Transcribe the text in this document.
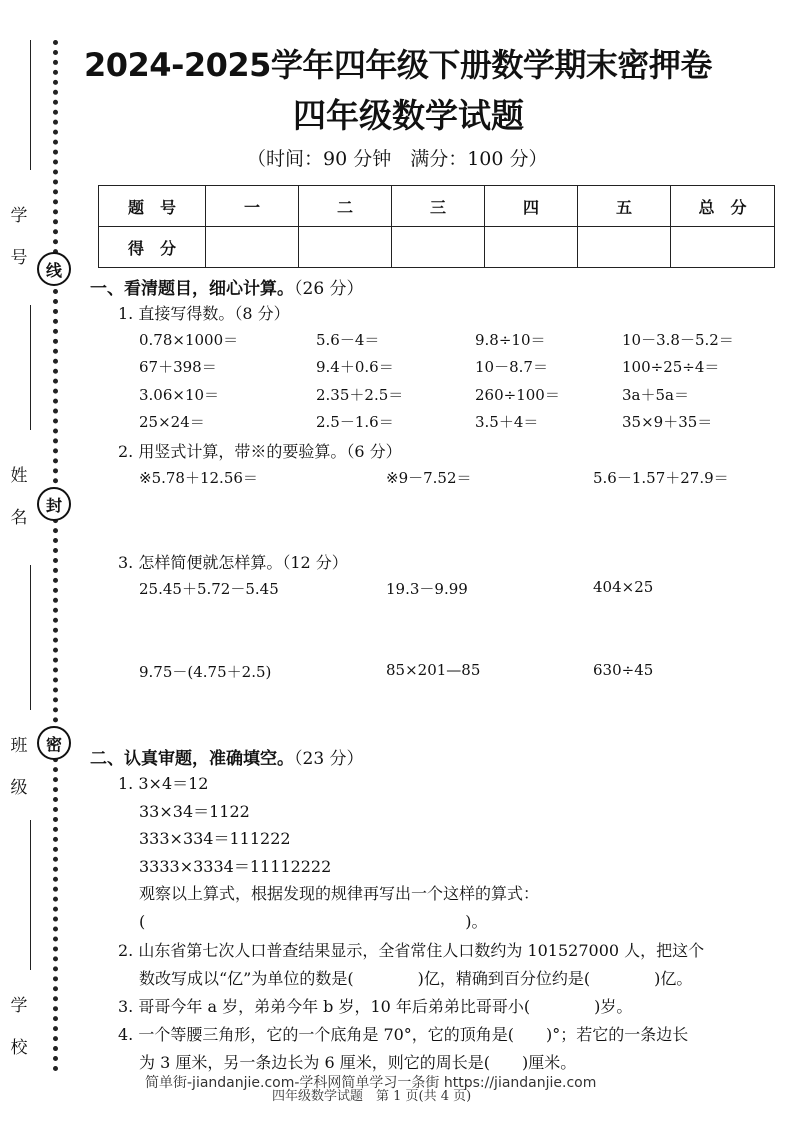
学号
姓名
班级
学校
线
封
密
2024-2025学年四年级下册数学期末密押卷
四年级数学试题
（时间：90 分钟　满分：100 分）
题　号	一	二	三	四	五	总　分
得　分						
一、看清题目，细心计算。（26 分）
1. 直接写得数。（8 分）
0.78×1000＝	5.6－4＝	9.8÷10＝	10－3.8－5.2＝
67＋398＝	9.4＋0.6＝	10－8.7＝	100÷25÷4＝
3.06×10＝	2.35＋2.5＝	260÷100＝	3a＋5a＝
25×24＝	2.5－1.6＝	3.5＋4＝	35×9＋35＝
2. 用竖式计算，带※的要验算。（6 分）
※5.78＋12.56＝	※9－7.52＝	5.6－1.57＋27.9＝
3. 怎样简便就怎样算。（12 分）
25.45＋5.72－5.45	19.3－9.99	404×25
9.75－(4.75＋2.5)	85×201—85	630÷45
二、认真审题，准确填空。（23 分）
1. 3×4＝12
33×34＝1122
333×334＝111222
3333×3334＝11112222
观察以上算式，根据发现的规律再写出一个这样的算式：
(　　　　　　　　　　　　　　　　　　　　)。
2. 山东省第七次人口普查结果显示，全省常住人口数约为 101527000 人，把这个
数改写成以“亿”为单位的数是(　　　　)亿，精确到百分位约是(　　　　)亿。
3. 哥哥今年 a 岁，弟弟今年 b 岁，10 年后弟弟比哥哥小(　　　　)岁。
4. 一个等腰三角形，它的一个底角是 70°，它的顶角是(　　)°；若它的一条边长
为 3 厘米，另一条边长为 6 厘米，则它的周长是(　　)厘米。
简单街-jiandanjie.com-学科网简单学习一条街 https://jiandanjie.com
四年级数学试题　第 1 页(共 4 页)
